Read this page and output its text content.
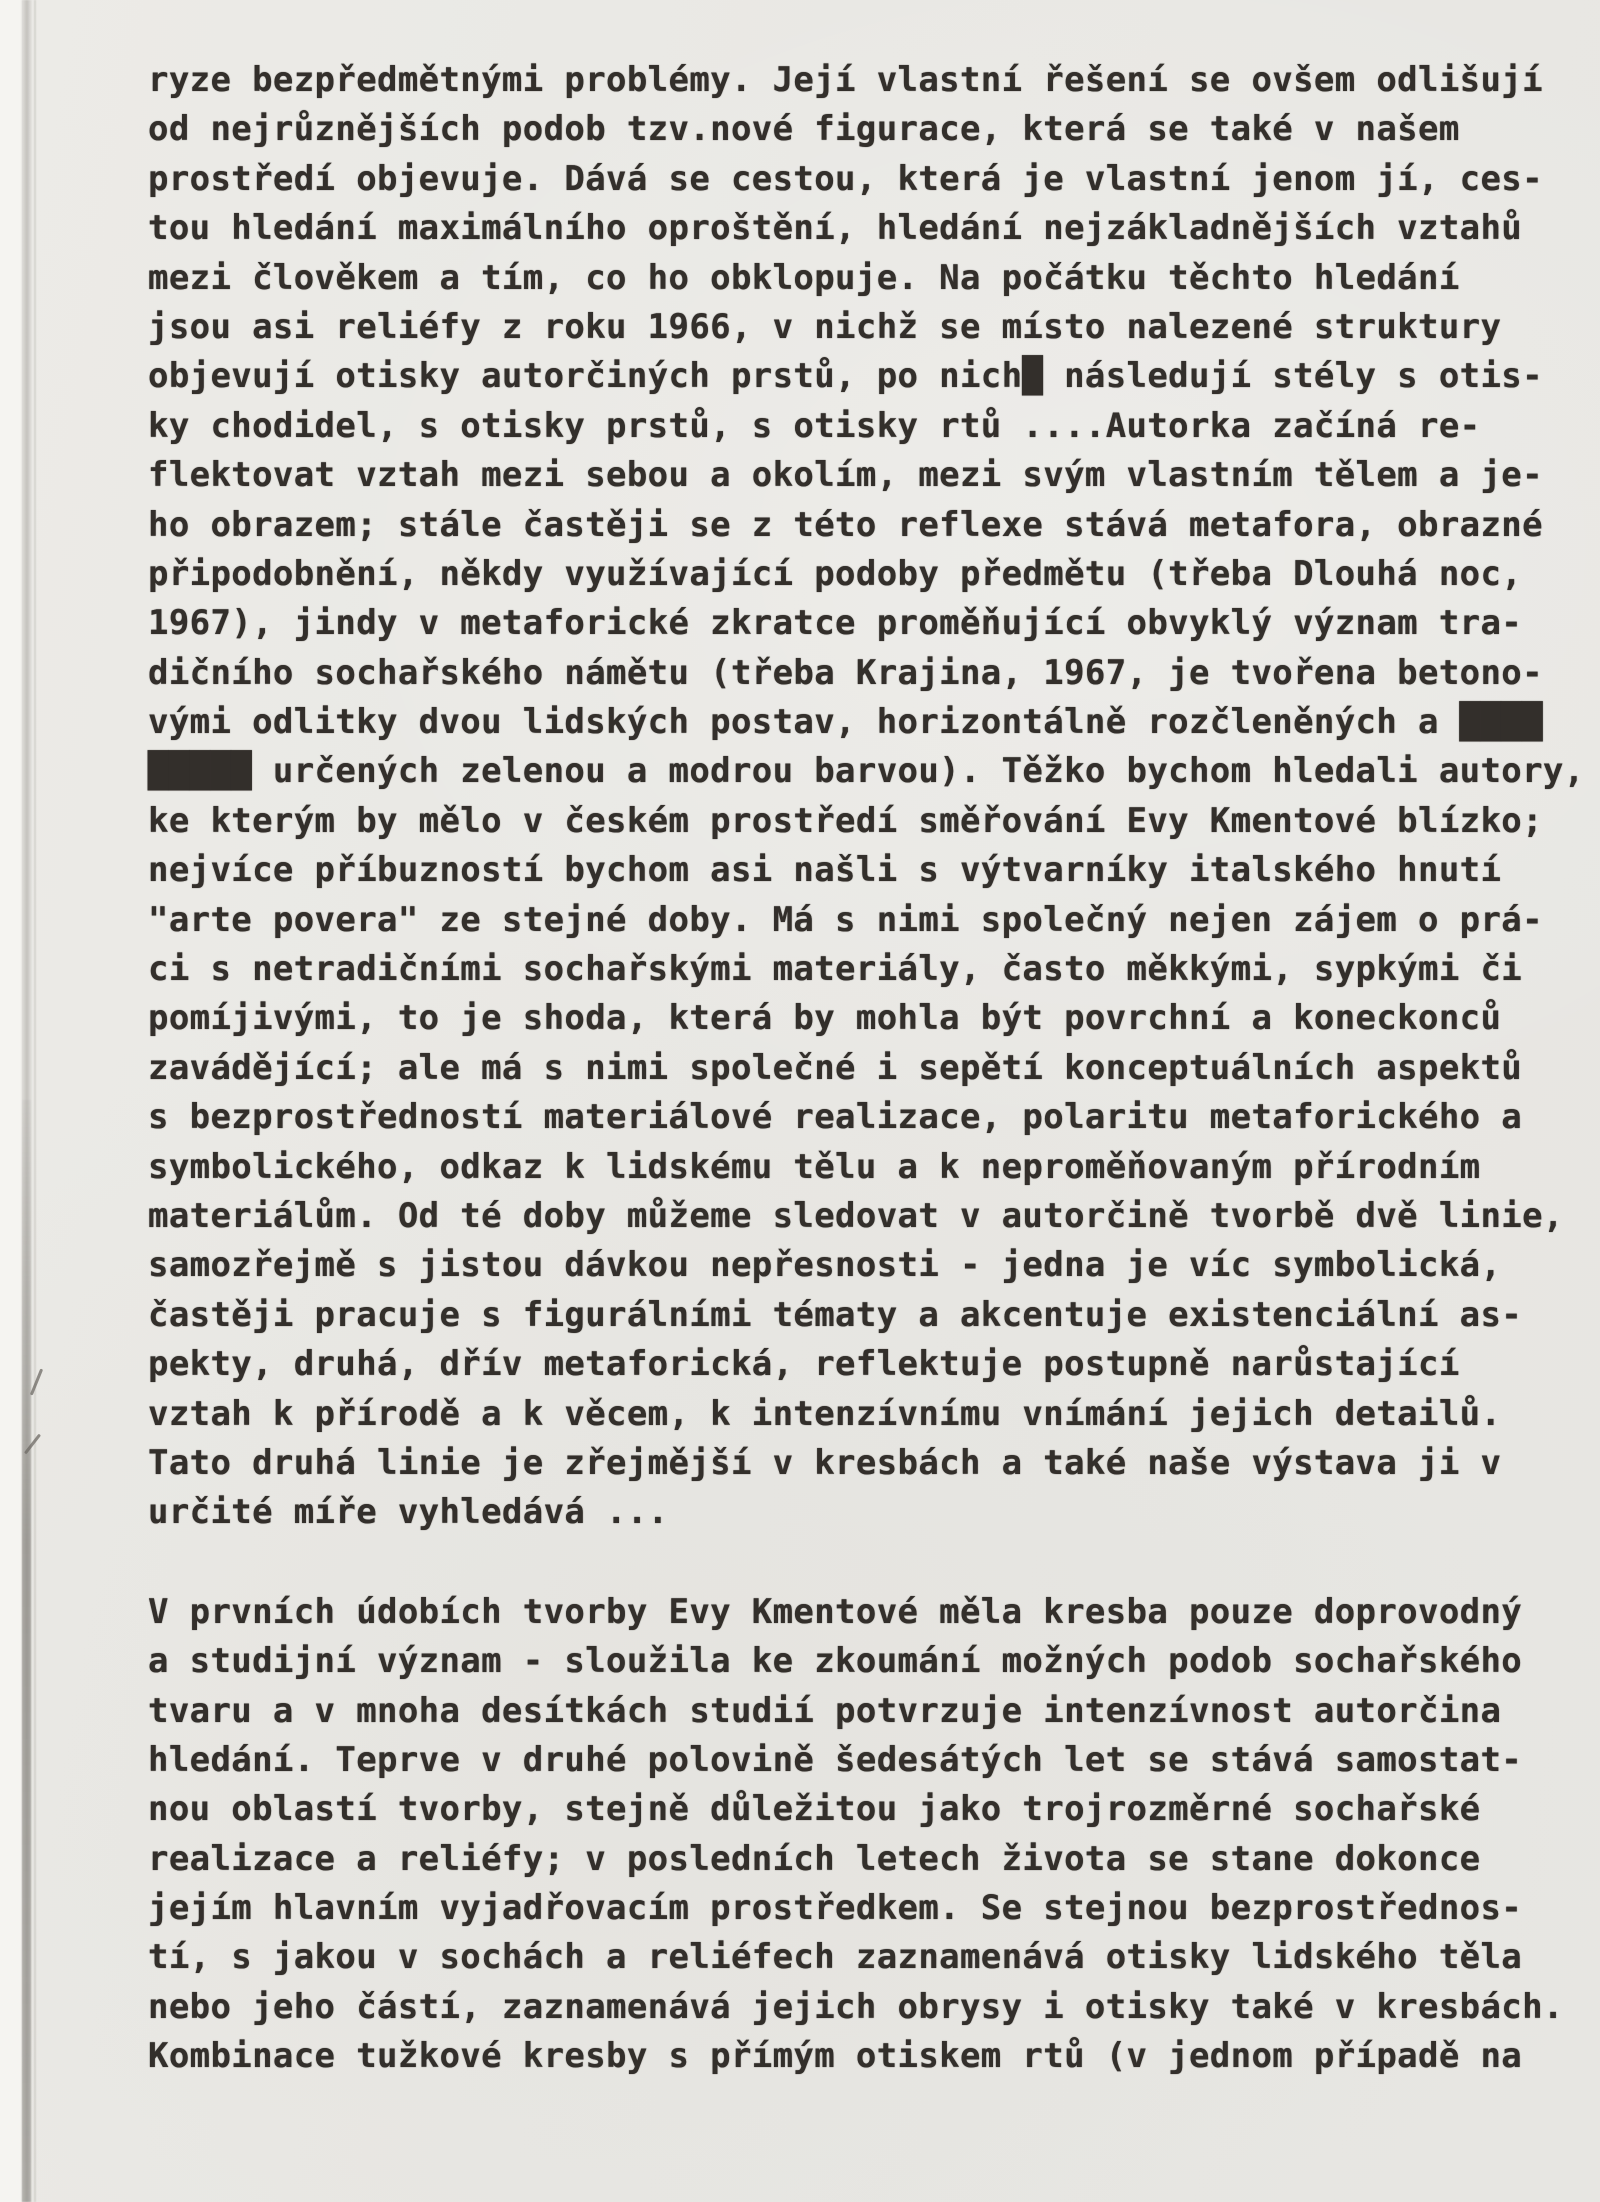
ryze bezpředmětnými problémy. Její vlastní řešení se ovšem odlišují
od nejrůznějších podob tzv.nové figurace, která se také v našem
prostředí objevuje. Dává se cestou, která je vlastní jenom jí, ces-
tou hledání maximálního oproštění, hledání nejzákladnějších vztahů
mezi člověkem a tím, co ho obklopuje. Na počátku těchto hledání
jsou asi reliéfy z roku 1966, v nichž se místo nalezené struktury
objevují otisky autorčiných prstů, po nich█ následují stély s otis-
ky chodidel, s otisky prstů, s otisky rtů ....Autorka začíná re-
flektovat vztah mezi sebou a okolím, mezi svým vlastním tělem a je-
ho obrazem; stále častěji se z této reflexe stává metafora, obrazné
připodobnění, někdy využívající podoby předmětu (třeba Dlouhá noc,
1967), jindy v metaforické zkratce proměňující obvyklý význam tra-
dičního sochařského námětu (třeba Krajina, 1967, je tvořena betono-
vými odlitky dvou lidských postav, horizontálně rozčleněných a ████
█████ určených zelenou a modrou barvou). Těžko bychom hledali autory,
ke kterým by mělo v českém prostředí směřování Evy Kmentové blízko;
nejvíce příbuzností bychom asi našli s výtvarníky italského hnutí
"arte povera" ze stejné doby. Má s nimi společný nejen zájem o prá-
ci s netradičními sochařskými materiály, často měkkými, sypkými či
pomíjivými, to je shoda, která by mohla být povrchní a koneckonců
zavádějící; ale má s nimi společné i sepětí konceptuálních aspektů
s bezprostředností materiálové realizace, polaritu metaforického a
symbolického, odkaz k lidskému tělu a k neproměňovaným přírodním
materiálům. Od té doby můžeme sledovat v autorčině tvorbě dvě linie,
samozřejmě s jistou dávkou nepřesnosti - jedna je víc symbolická,
častěji pracuje s figurálními tématy a akcentuje existenciální as-
pekty, druhá, dřív metaforická, reflektuje postupně narůstající
vztah k přírodě a k věcem, k intenzívnímu vnímání jejich detailů.
Tato druhá linie je zřejmější v kresbách a také naše výstava ji v
určité míře vyhledává ...
V prvních údobích tvorby Evy Kmentové měla kresba pouze doprovodný
a studijní význam - sloužila ke zkoumání možných podob sochařského
tvaru a v mnoha desítkách studií potvrzuje intenzívnost autorčina
hledání. Teprve v druhé polovině šedesátých let se stává samostat-
nou oblastí tvorby, stejně důležitou jako trojrozměrné sochařské
realizace a reliéfy; v posledních letech života se stane dokonce
jejím hlavním vyjadřovacím prostředkem. Se stejnou bezprostřednos-
tí, s jakou v sochách a reliéfech zaznamenává otisky lidského těla
nebo jeho částí, zaznamenává jejich obrysy i otisky také v kresbách.
Kombinace tužkové kresby s přímým otiskem rtů (v jednom případě na
